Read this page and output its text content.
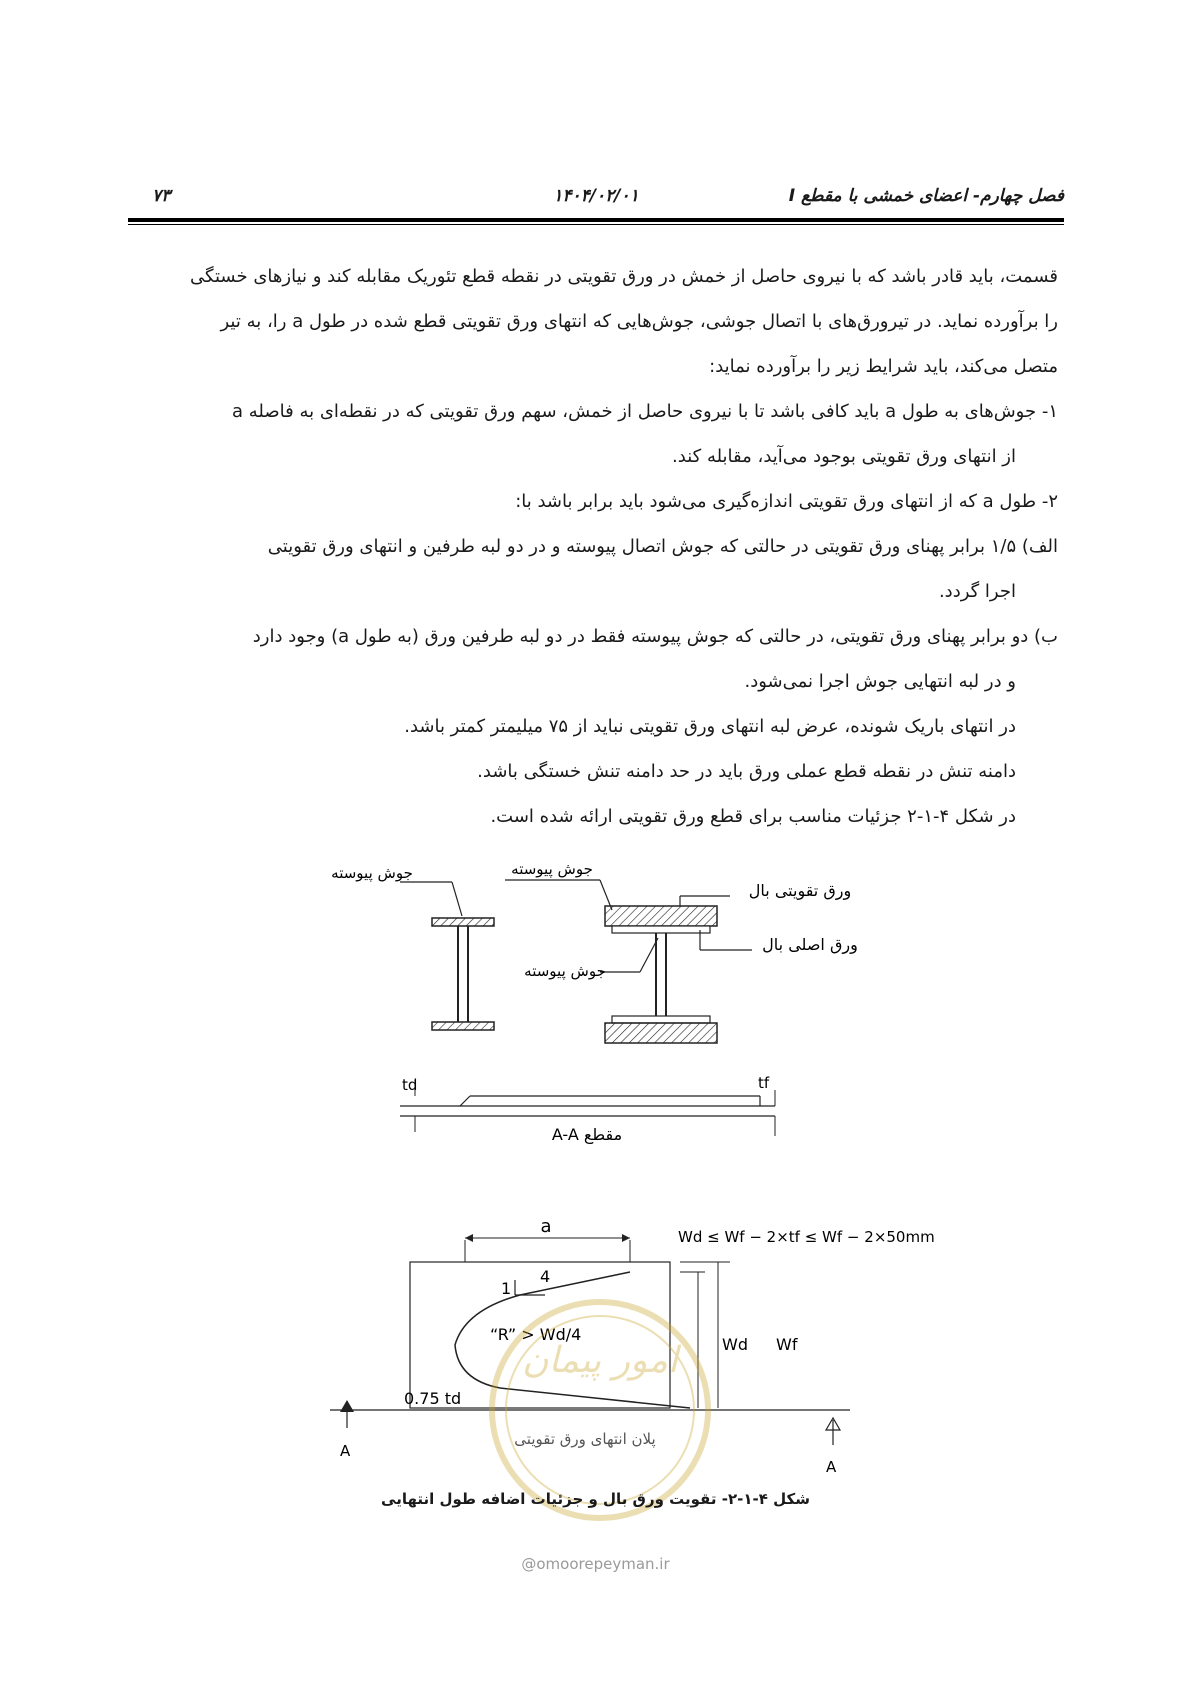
فصل چهارم- اعضای خمشی با مقطع I
۱۴۰۴/۰۲/۰۱
۷۳

قسمت، باید قادر باشد که با نیروی حاصل از خمش در ورق تقویتی در نقطه قطع تئوریک مقابله کند و نیازهای خستگی

را برآورده نماید. در تیرورق‌های با اتصال جوشی، جوش‌هایی که انتهای ورق تقویتی قطع شده در طول a را، به تیر

متصل می‌کند، باید شرایط زیر را برآورده نماید:

۱- جوش‌های به طول a باید کافی باشد تا با نیروی حاصل از خمش، سهم ورق تقویتی که در نقطه‌ای به فاصله a

از انتهای ورق تقویتی بوجود می‌آید، مقابله کند.

۲- طول a که از انتهای ورق تقویتی اندازه‌گیری می‌شود باید برابر باشد با:

الف) ۱/۵ برابر پهنای ورق تقویتی در حالتی که جوش اتصال پیوسته و در دو لبه طرفین و انتهای ورق تقویتی

اجرا گردد.

ب) دو برابر پهنای ورق تقویتی، در حالتی که جوش پیوسته فقط در دو لبه طرفین ورق (به طول a) وجود دارد

و در لبه انتهایی جوش اجرا نمی‌شود.

در انتهای باریک شونده، عرض لبه انتهای ورق تقویتی نباید از ۷۵ میلیمتر کمتر باشد.

دامنه تنش در نقطه قطع عملی ورق باید در حد دامنه تنش خستگی باشد.

در شکل ۴-۱-۲ جزئیات مناسب برای قطع ورق تقویتی ارائه شده است.

جوش پیوسته	جوش پیوسته
ورق تقویتی بال
ورق اصلی بال
جوش پیوسته
td	tf
مقطع A-A
a	Wd ≤ Wf − 2×tf ≤ Wf − 2×50mm
4
1
“R” > Wd/4
Wd Wf
0.75 td
A
A
پلان انتهای ورق تقویتی
امور پیمان
شکل ۴-۱-۲- تقویت ورق بال و جزئیات اضافه طول انتهایی
@omoorepeyman.ir
